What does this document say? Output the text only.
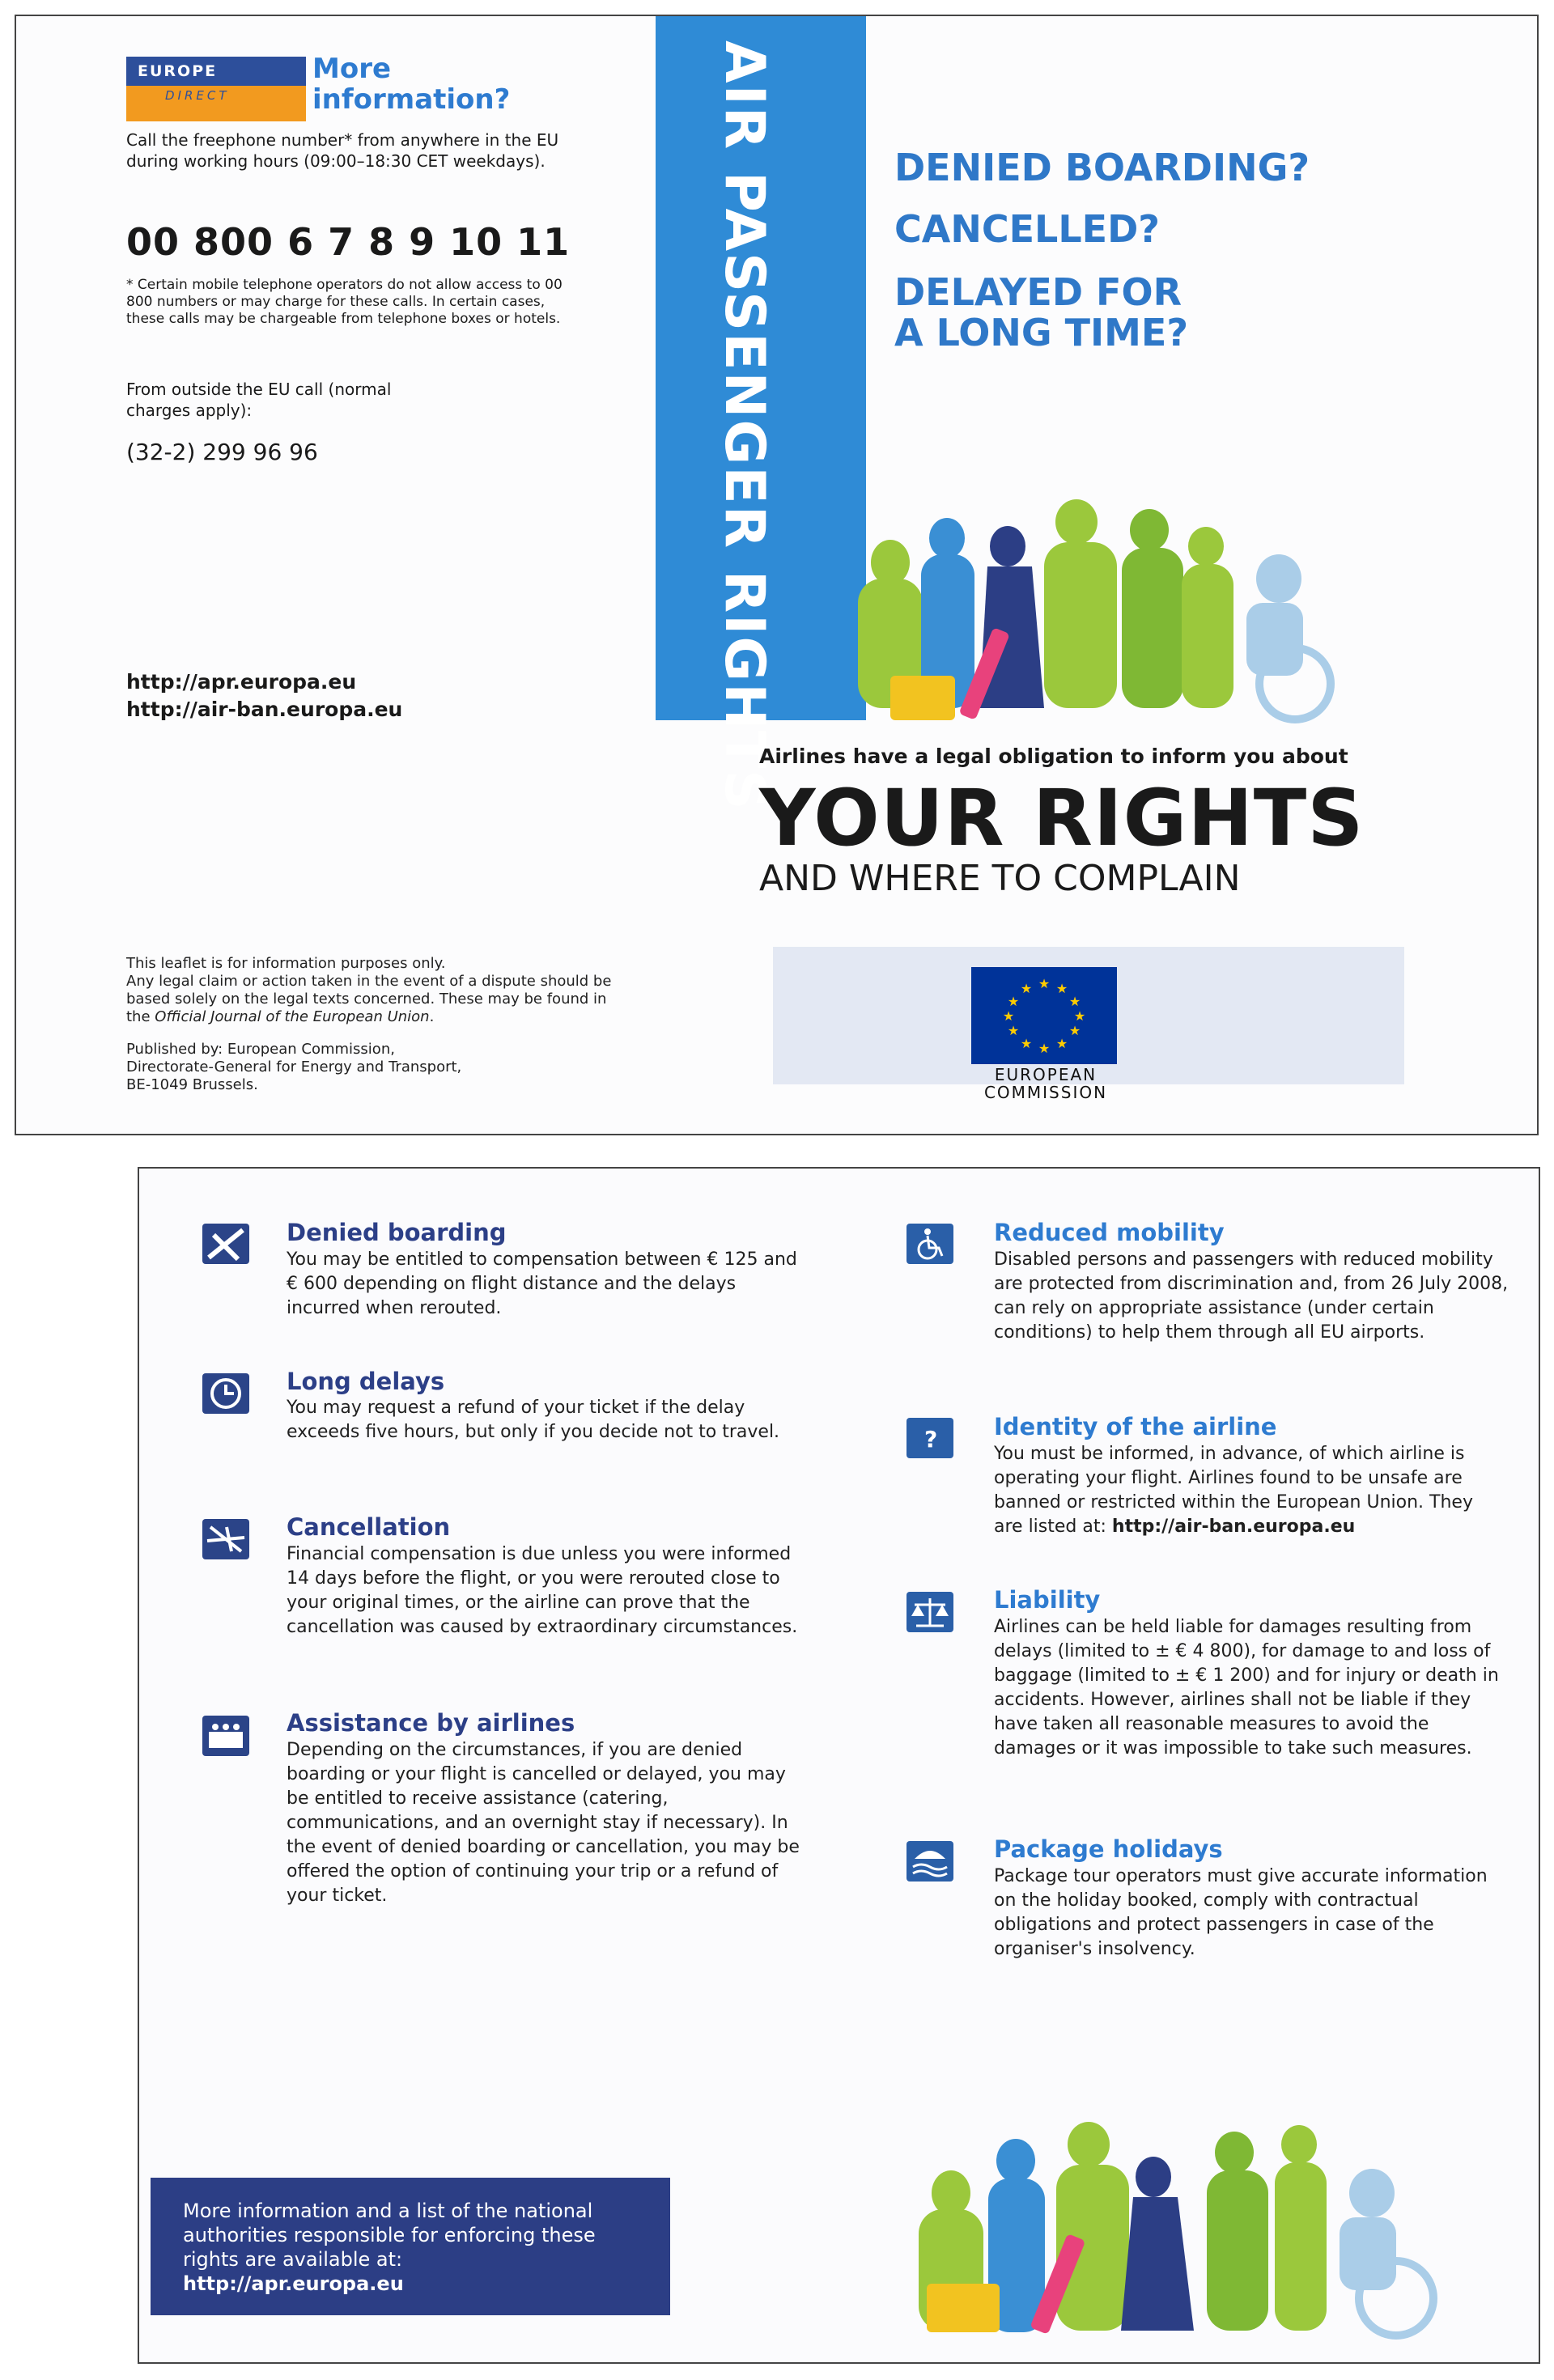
EUROPE
DIRECT
More information?
Call the freephone number* from anywhere in the EU during working hours (09:00–18:30 CET weekdays).
00 800 6 7 8 9 10 11
* Certain mobile telephone operators do not allow access to 00 800 numbers or may charge for these calls. In certain cases, these calls may be chargeable from telephone boxes or hotels.
From outside the EU call (normal charges apply):
(32-2) 299 96 96
http://apr.europa.eu
http://air-ban.europa.eu
This leaflet is for information purposes only.
Any legal claim or action taken in the event of a dispute should be based solely on the legal texts concerned. These may be found in the Official Journal of the European Union.
Published by: European Commission, Directorate-General for Energy and Transport, BE-1049 Brussels.
AIR PASSENGER RIGHTS	DENIED BOARDING?
CANCELLED?
DELAYED FOR
A LONG TIME?
Airlines have a legal obligation to inform you about
YOUR RIGHTS
AND WHERE TO COMPLAIN
★ ★
★
★
★
★
★
★
★
★
★
★
EUROPEAN
COMMISSION
Denied boarding
You may be entitled to compensation between € 125 and € 600 depending on flight distance and the delays incurred when rerouted.
Long delays
You may request a refund of your ticket if the delay exceeds five hours, but only if you decide not to travel.
Cancellation
Financial compensation is due unless you were informed 14 days before the flight, or you were rerouted close to your original times, or the airline can prove that the cancellation was caused by extraordinary circumstances.
Assistance by airlines
Depending on the circumstances, if you are denied boarding or your flight is cancelled or delayed, you may be entitled to receive assistance (catering, communications, and an overnight stay if necessary). In the event of denied boarding or cancellation, you may be offered the option of continuing your trip or a refund of your ticket.
More information and a list of the national authorities responsible for enforcing these rights are available at:
http://apr.europa.eu
Reduced mobility
Disabled persons and passengers with reduced mobility are protected from discrimination and, from 26 July 2008, can rely on appropriate assistance (under certain conditions) to help them through all EU airports.
? Identity of the airline
You must be informed, in advance, of which airline is operating your flight. Airlines found to be unsafe are banned or restricted within the European Union. They are listed at: http://air-ban.europa.eu
Liability
Airlines can be held liable for damages resulting from delays (limited to ± € 4 800), for damage to and loss of baggage (limited to ± € 1 200) and for injury or death in accidents. However, airlines shall not be liable if they have taken all reasonable measures to avoid the damages or it was impossible to take such measures.
Package holidays
Package tour operators must give accurate information on the holiday booked, comply with contractual obligations and protect passengers in case of the organiser's insolvency.
